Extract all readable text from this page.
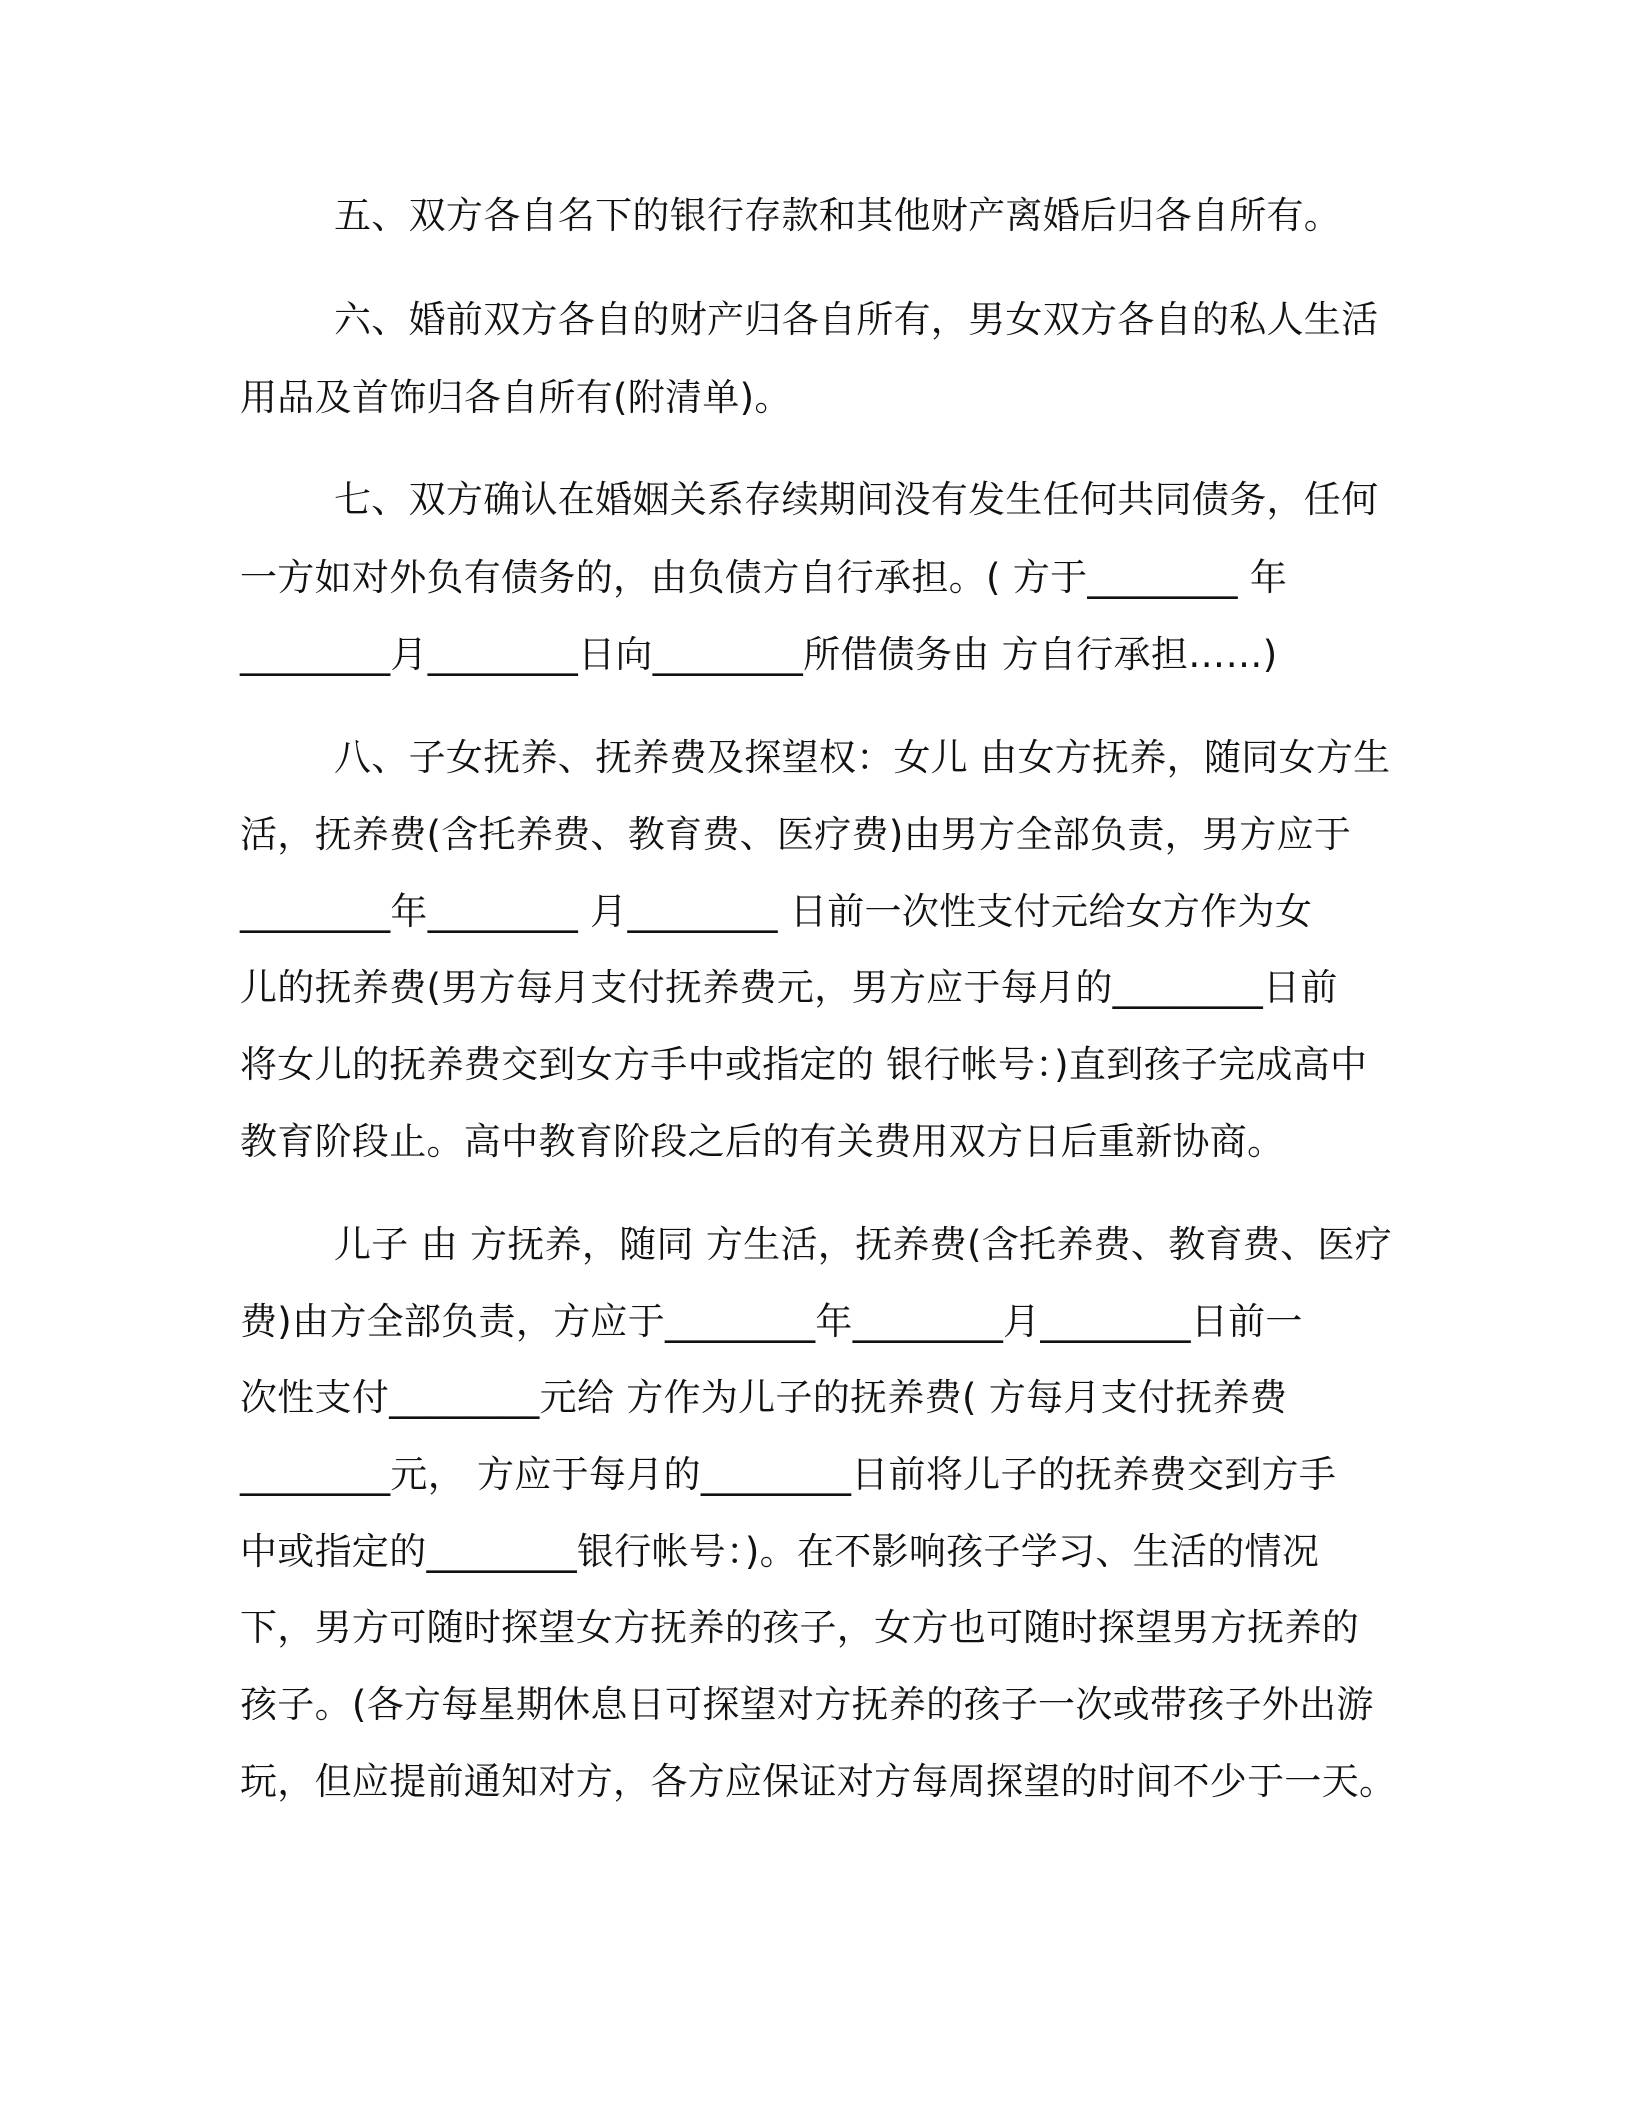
五、双方各自名下的银行存款和其他财产离婚后归各自所有。
六、婚前双方各自的财产归各自所有，男女双方各自的私人生活
用品及首饰归各自所有(附清单)。
七、双方确认在婚姻关系存续期间没有发生任何共同债务，任何
一方如对外负有债务的，由负债方自行承担。( 方于________ 年
________月________日向________所借债务由 方自行承担……)
八、子女抚养、抚养费及探望权：女儿 由女方抚养，随同女方生
活，抚养费(含托养费、教育费、医疗费)由男方全部负责，男方应于
________年________ 月________ 日前一次性支付元给女方作为女
儿的抚养费(男方每月支付抚养费元，男方应于每月的________日前
将女儿的抚养费交到女方手中或指定的 银行帐号：)直到孩子完成高中
教育阶段止。高中教育阶段之后的有关费用双方日后重新协商。
儿子 由 方抚养，随同 方生活，抚养费(含托养费、教育费、医疗
费)由方全部负责，方应于________年________月________日前一
次性支付________元给 方作为儿子的抚养费( 方每月支付抚养费
________元， 方应于每月的________日前将儿子的抚养费交到方手
中或指定的________银行帐号：)。在不影响孩子学习、生活的情况
下，男方可随时探望女方抚养的孩子，女方也可随时探望男方抚养的
孩子。(各方每星期休息日可探望对方抚养的孩子一次或带孩子外出游
玩，但应提前通知对方，各方应保证对方每周探望的时间不少于一天。
